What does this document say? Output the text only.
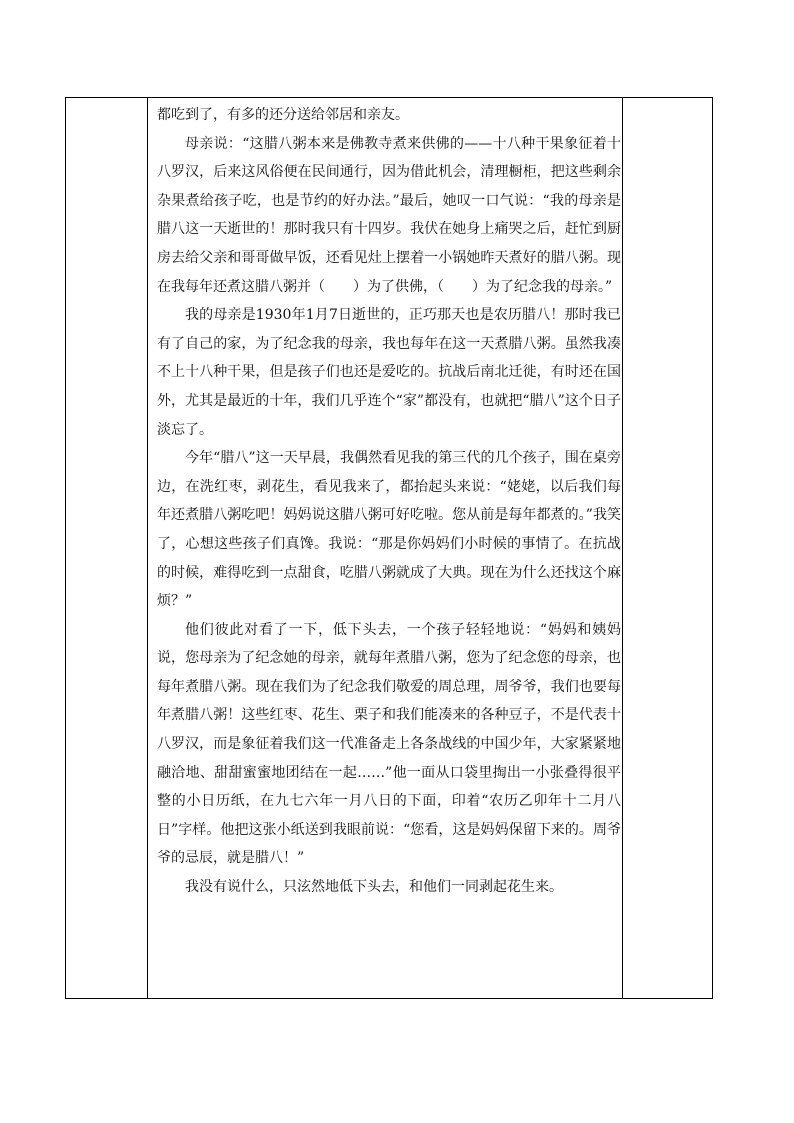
都吃到了，有多的还分送给邻居和亲友。

母亲说：“这腊八粥本来是佛教寺煮来供佛的——十八种干果象征着十八罗汉，后来这风俗便在民间通行，因为借此机会，清理橱柜，把这些剩余杂果煮给孩子吃，也是节约的好办法。”最后，她叹一口气说：“我的母亲是腊八这一天逝世的！那时我只有十四岁。我伏在她身上痛哭之后，赶忙到厨房去给父亲和哥哥做早饭，还看见灶上摆着一小锅她昨天煮好的腊八粥。现在我每年还煮这腊八粥并（　　）为了供佛，（　　）为了纪念我的母亲。”

我的母亲是1930年1月7日逝世的，正巧那天也是农历腊八！那时我已有了自己的家，为了纪念我的母亲，我也每年在这一天煮腊八粥。虽然我凑不上十八种干果，但是孩子们也还是爱吃的。抗战后南北迁徙，有时还在国外，尤其是最近的十年，我们几乎连个“家”都没有，也就把“腊八”这个日子淡忘了。

今年“腊八”这一天早晨，我偶然看见我的第三代的几个孩子，围在桌旁边，在洗红枣，剥花生，看见我来了，都抬起头来说：“姥姥，以后我们每年还煮腊八粥吃吧！妈妈说这腊八粥可好吃啦。您从前是每年都煮的。”我笑了，心想这些孩子们真馋。我说：“那是你妈妈们小时候的事情了。在抗战的时候，难得吃到一点甜食，吃腊八粥就成了大典。现在为什么还找这个麻烦？”

他们彼此对看了一下，低下头去，一个孩子轻轻地说：“妈妈和姨妈说，您母亲为了纪念她的母亲，就每年煮腊八粥，您为了纪念您的母亲，也每年煮腊八粥。现在我们为了纪念我们敬爱的周总理，周爷爷，我们也要每年煮腊八粥！这些红枣、花生、栗子和我们能凑来的各种豆子，不是代表十八罗汉，而是象征着我们这一代准备走上各条战线的中国少年，大家紧紧地融洽地、甜甜蜜蜜地团结在一起……”他一面从口袋里掏出一小张叠得很平整的小日历纸，在九七六年一月八日的下面，印着“农历乙卯年十二月八日”字样。他把这张小纸送到我眼前说：“您看，这是妈妈保留下来的。周爷爷的忌辰，就是腊八！”

我没有说什么，只泫然地低下头去，和他们一同剥起花生来。
